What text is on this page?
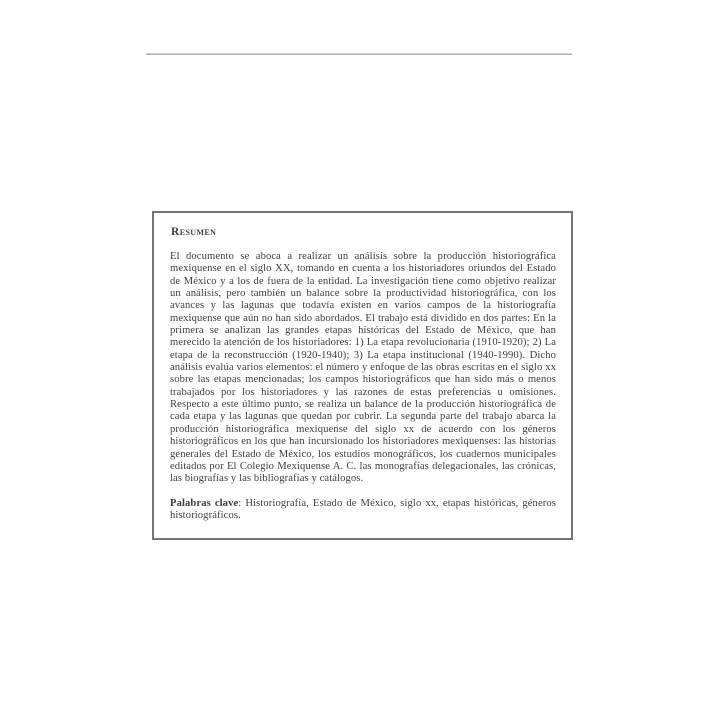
Resumen

El documento se aboca a realizar un análisis sobre la producción historiográfica mexiquense en el siglo XX, tomando en cuenta a los historiadores oriundos del Estado de México y a los de fuera de la entidad. La investigación tiene como objetivo realizar un análisis, pero también un balance sobre la productividad historiográfica, con los avances y las lagunas que todavía existen en varios campos de la historiografía mexiquense que aún no han sido abordados. El trabajo está dividido en dos partes: En la primera se analizan las grandes etapas históricas del Estado de México, que han merecido la atención de los historiadores: 1) La etapa revolucionaria (1910-1920); 2) La etapa de la reconstrucción (1920-1940); 3) La etapa institucional (1940-1990). Dicho análisis evalúa varios elementos: el número y enfoque de las obras escritas en el siglo xx sobre las etapas mencionadas; los campos historiográficos que han sido más o menos trabajados por los historiadores y las razones de estas preferencias u omisiones. Respecto a este último punto, se realiza un balance de la producción historiográfica de cada etapa y las lagunas que quedan por cubrir. La segunda parte del trabajo abarca la producción historiográfica mexiquense del siglo xx de acuerdo con los géneros historiográficos en los que han incursionado los historiadores mexiquenses: las historias generales del Estado de México, los estudios monográficos, los cuadernos municipales editados por El Colegio Mexiquense A. C. las monografías delegacionales, las crónicas, las biografías y las bibliografías y catálogos.

Palabras clave: Historiografía, Estado de México, siglo xx, etapas históricas, géneros historiográficos.
